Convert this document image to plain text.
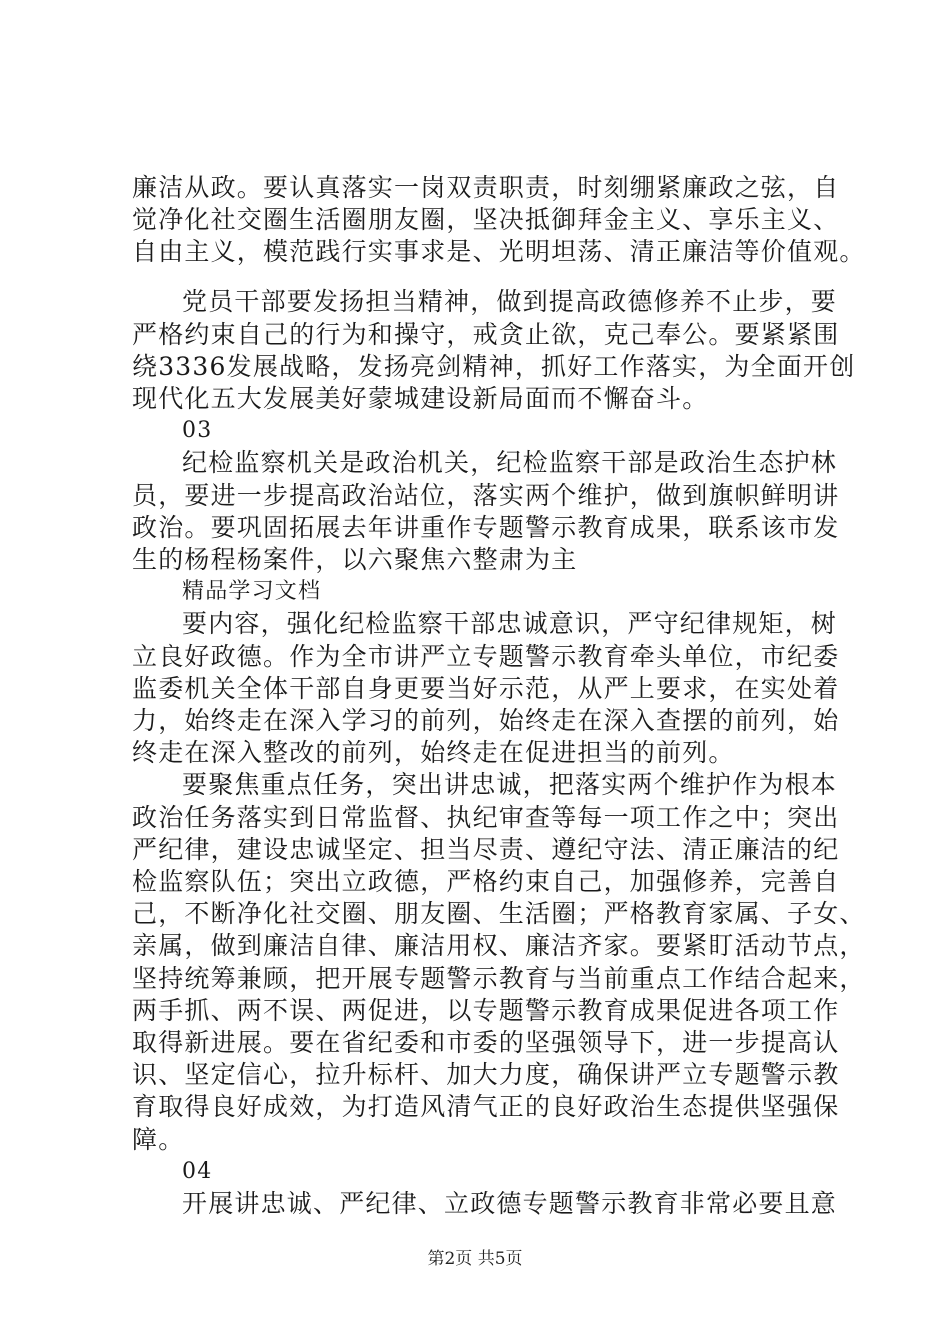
廉洁从政。要认真落实一岗双责职责，时刻绷紧廉政之弦，自
觉净化社交圈生活圈朋友圈，坚决抵御拜金主义、享乐主义、
自由主义，模范践行实事求是、光明坦荡、清正廉洁等价值观。
党员干部要发扬担当精神，做到提高政德修养不止步，要
严格约束自己的行为和操守，戒贪止欲，克己奉公。要紧紧围
绕3336发展战略，发扬亮剑精神，抓好工作落实，为全面开创
现代化五大发展美好蒙城建设新局面而不懈奋斗。
03
纪检监察机关是政治机关，纪检监察干部是政治生态护林
员，要进一步提高政治站位，落实两个维护，做到旗帜鲜明讲
政治。要巩固拓展去年讲重作专题警示教育成果，联系该市发
生的杨程杨案件，以六聚焦六整肃为主
精品学习文档
要内容，强化纪检监察干部忠诚意识，严守纪律规矩，树
立良好政德。作为全市讲严立专题警示教育牵头单位，市纪委
监委机关全体干部自身更要当好示范，从严上要求，在实处着
力，始终走在深入学习的前列，始终走在深入查摆的前列，始
终走在深入整改的前列，始终走在促进担当的前列。
要聚焦重点任务，突出讲忠诚，把落实两个维护作为根本
政治任务落实到日常监督、执纪审查等每一项工作之中；突出
严纪律，建设忠诚坚定、担当尽责、遵纪守法、清正廉洁的纪
检监察队伍；突出立政德，严格约束自己，加强修养，完善自
己，不断净化社交圈、朋友圈、生活圈；严格教育家属、子女、
亲属，做到廉洁自律、廉洁用权、廉洁齐家。要紧盯活动节点，
坚持统筹兼顾，把开展专题警示教育与当前重点工作结合起来，
两手抓、两不误、两促进，以专题警示教育成果促进各项工作
取得新进展。要在省纪委和市委的坚强领导下，进一步提高认
识、坚定信心，拉升标杆、加大力度，确保讲严立专题警示教
育取得良好成效，为打造风清气正的良好政治生态提供坚强保
障。
04
开展讲忠诚、严纪律、立政德专题警示教育非常必要且意
第2页 共5页
